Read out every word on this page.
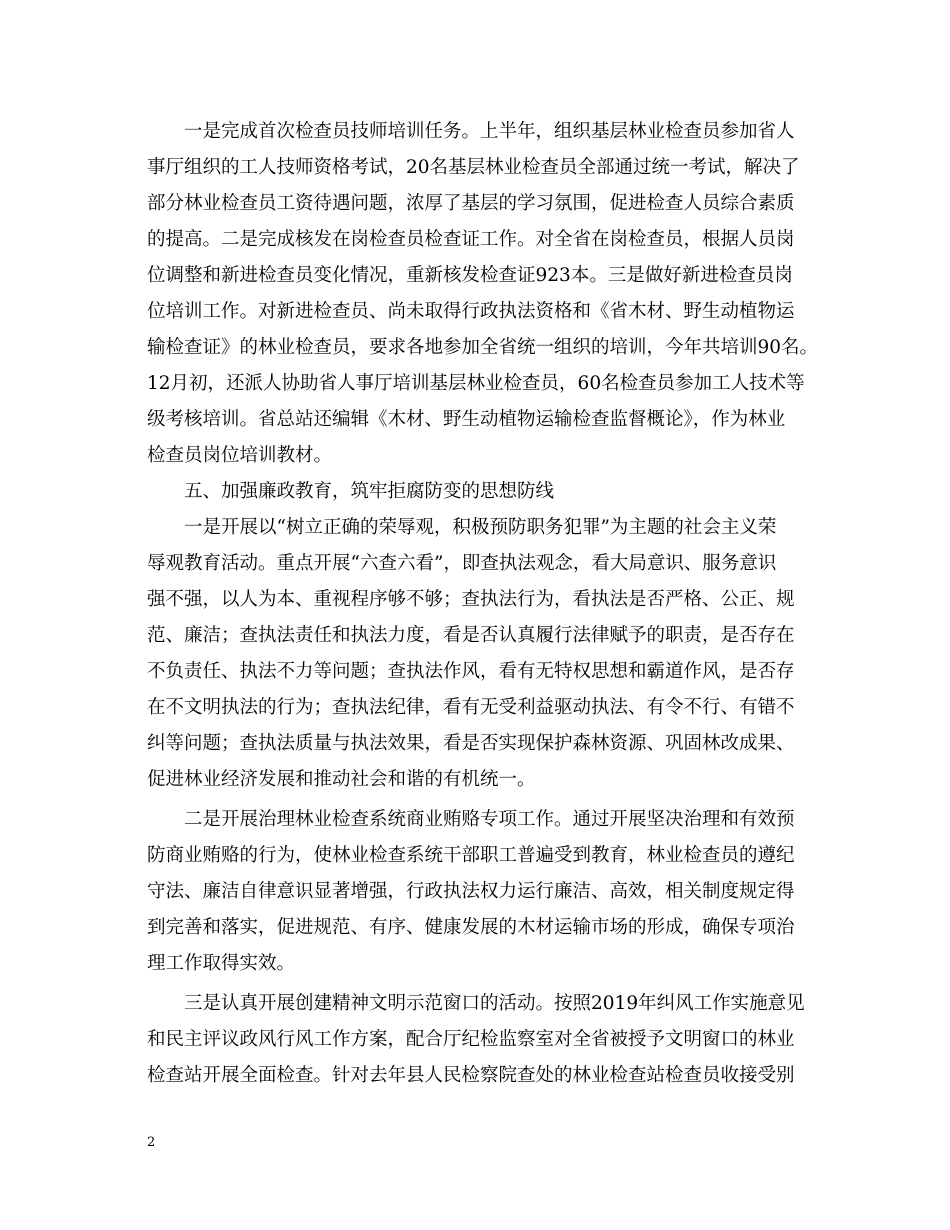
一是完成首次检查员技师培训任务。上半年，组织基层林业检查员参加省人

事厅组织的工人技师资格考试，20名基层林业检查员全部通过统一考试，解决了

部分林业检查员工资待遇问题，浓厚了基层的学习氛围，促进检查人员综合素质

的提高。二是完成核发在岗检查员检查证工作。对全省在岗检查员，根据人员岗

位调整和新进检查员变化情况，重新核发检查证923本。三是做好新进检查员岗

位培训工作。对新进检查员、尚未取得行政执法资格和《省木材、野生动植物运

输检查证》的林业检查员，要求各地参加全省统一组织的培训，今年共培训90名。

12月初，还派人协助省人事厅培训基层林业检查员，60名检查员参加工人技术等

级考核培训。省总站还编辑《木材、野生动植物运输检查监督概论》，作为林业

检查员岗位培训教材。

五、加强廉政教育，筑牢拒腐防变的思想防线

一是开展以“树立正确的荣辱观，积极预防职务犯罪”为主题的社会主义荣

辱观教育活动。重点开展“六查六看”，即查执法观念，看大局意识、服务意识

强不强，以人为本、重视程序够不够；查执法行为，看执法是否严格、公正、规

范、廉洁；查执法责任和执法力度，看是否认真履行法律赋予的职责，是否存在

不负责任、执法不力等问题；查执法作风，看有无特权思想和霸道作风，是否存

在不文明执法的行为；查执法纪律，看有无受利益驱动执法、有令不行、有错不

纠等问题；查执法质量与执法效果，看是否实现保护森林资源、巩固林改成果、

促进林业经济发展和推动社会和谐的有机统一。

二是开展治理林业检查系统商业贿赂专项工作。通过开展坚决治理和有效预

防商业贿赂的行为，使林业检查系统干部职工普遍受到教育，林业检查员的遵纪

守法、廉洁自律意识显著增强，行政执法权力运行廉洁、高效，相关制度规定得

到完善和落实，促进规范、有序、健康发展的木材运输市场的形成，确保专项治

理工作取得实效。

三是认真开展创建精神文明示范窗口的活动。按照2019年纠风工作实施意见

和民主评议政风行风工作方案，配合厅纪检监察室对全省被授予文明窗口的林业

检查站开展全面检查。针对去年县人民检察院查处的林业检查站检查员收接受别

2
